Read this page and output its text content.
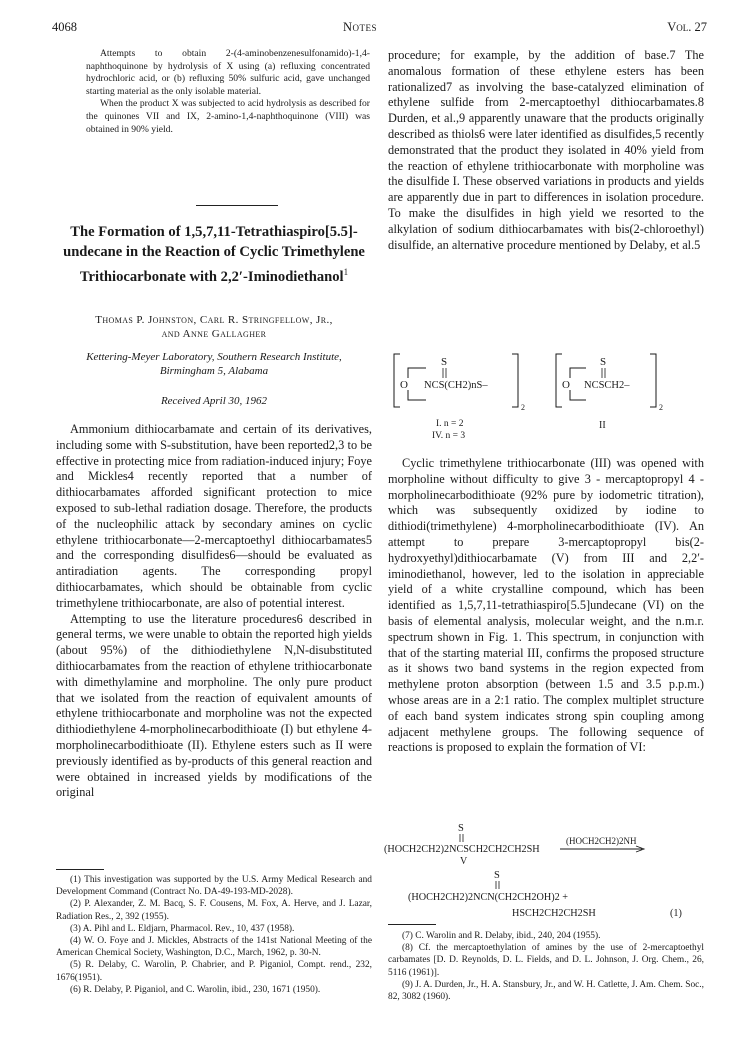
4068	Notes	Vol. 27

Attempts to obtain 2-(4-aminobenzenesulfonamido)-1,4-naphthoquinone by hydrolysis of X using (a) refluxing concentrated hydrochloric acid, or (b) refluxing 50% sulfuric acid, gave unchanged starting material as the only isolable material.

When the product X was subjected to acid hydrolysis as described for the quinones VII and IX, 2-amino-1,4-naphthoquinone (VIII) was obtained in 90% yield.

The Formation of 1,5,7,11-Tetrathiaspiro[5.5]-undecane in the Reaction of Cyclic Trimethylene Trithiocarbonate with 2,2′-Iminodiethanol$^1$

Thomas P. Johnston, Carl R. Stringfellow, Jr.,

and Anne Gallagher

Kettering-Meyer Laboratory, Southern Research Institute,

Birmingham 5, Alabama

Received April 30, 1962

Ammonium dithiocarbamate and certain of its derivatives, including some with S-substitution, have been reported2,3 to be effective in protecting mice from radiation-induced injury; Foye and Mickles4 recently reported that a number of dithiocarbamates afforded significant protection to mice exposed to sub-lethal radiation dosage. Therefore, the products of the nucleophilic attack by secondary amines on cyclic ethylene trithiocarbonate—2-mercaptoethyl dithiocarbamates5 and the corresponding disulfides6—should be evaluated as antiradiation agents. The corresponding propyl dithiocarbamates, which should be obtainable from cyclic trimethylene trithiocarbonate, are also of potential interest.

Attempting to use the literature procedures6 described in general terms, we were unable to obtain the reported high yields (about 95%) of the dithiodiethylene N,N-disubstituted dithiocarbamates from the reaction of ethylene trithiocarbonate with dimethylamine and morpholine. The only pure product that we isolated from the reaction of equivalent amounts of ethylene trithiocarbonate and morpholine was not the expected dithiodiethylene 4-morpholinecarbodithioate (I) but ethylene 4-morpholinecarbodithioate (II). Ethylene esters such as II were previously identified as by-products of this general reaction and were obtained in increased yields by modifications of the original

(1) This investigation was supported by the U.S. Army Medical Research and Development Command (Contract No. DA-49-193-MD-2028).

(2) P. Alexander, Z. M. Bacq, S. F. Cousens, M. Fox, A. Herve, and J. Lazar, Radiation Res., 2, 392 (1955).

(3) A. Pihl and L. Eldjarn, Pharmacol. Rev., 10, 437 (1958).

(4) W. O. Foye and J. Mickles, Abstracts of the 141st National Meeting of the American Chemical Society, Washington, D.C., March, 1962, p. 30-N.

(5) R. Delaby, C. Warolin, P. Chabrier, and P. Piganiol, Compt. rend., 232, 1676(1951).

(6) R. Delaby, P. Piganiol, and C. Warolin, ibid., 230, 1671 (1950).

procedure; for example, by the addition of base.7 The anomalous formation of these ethylene esters has been rationalized7 as involving the base-catalyzed elimination of ethylene sulfide from 2-mercaptoethyl dithiocarbamates.8 Durden, et al.,9 apparently unaware that the products originally described as thiols6 were later identified as disulfides,5 recently demonstrated that the product they isolated in 40% yield from the reaction of ethylene trithiocarbonate with morpholine was the disulfide I. These observed variations in products and yields are apparently due in part to differences in isolation procedure. To make the disulfides in high yield we resorted to the alkylation of sodium dithiocarbamates with bis(2-chloroethyl) disulfide, an alternative procedure mentioned by Delaby, et al.5

O
S
NCS(CH2)nS–
2
I. n = 2
IV. n = 3
O
S
NCSCH2–
2
II

Cyclic trimethylene trithiocarbonate (III) was opened with morpholine without difficulty to give 3 - mercaptopropyl 4 - morpholinecarbodithioate (92% pure by iodometric titration), which was subsequently oxidized by iodine to dithiodi(trimethylene) 4-morpholinecarbodithioate (IV). An attempt to prepare 3-mercaptopropyl bis(2-hydroxyethyl)dithiocarbamate (V) from III and 2,2′-iminodiethanol, however, led to the isolation in appreciable yield of a white crystalline compound, which has been identified as 1,5,7,11-tetrathiaspiro[5.5]undecane (VI) on the basis of elemental analysis, molecular weight, and the n.m.r. spectrum shown in Fig. 1. This spectrum, in conjunction with that of the starting material III, confirms the proposed structure as it shows two band systems in the region expected from methylene proton absorption (between 1.5 and 3.5 p.p.m.) whose areas are in a 2:1 ratio. The complex multiplet structure of each band system indicates strong spin coupling among adjacent methylene groups. The following sequence of reactions is proposed to explain the formation of VI:

S
(HOCH2CH2)2NCSCH2CH2CH2SH
(HOCH2CH2)2NH
V
S
(HOCH2CH2)2NCN(CH2CH2OH)2 +
HSCH2CH2CH2SH	(1)

(7) C. Warolin and R. Delaby, ibid., 240, 204 (1955).

(8) Cf. the mercaptoethylation of amines by the use of 2-mercaptoethyl carbamates [D. D. Reynolds, D. L. Fields, and D. L. Johnson, J. Org. Chem., 26, 5116 (1961)].

(9) J. A. Durden, Jr., H. A. Stansbury, Jr., and W. H. Catlette, J. Am. Chem. Soc., 82, 3082 (1960).
